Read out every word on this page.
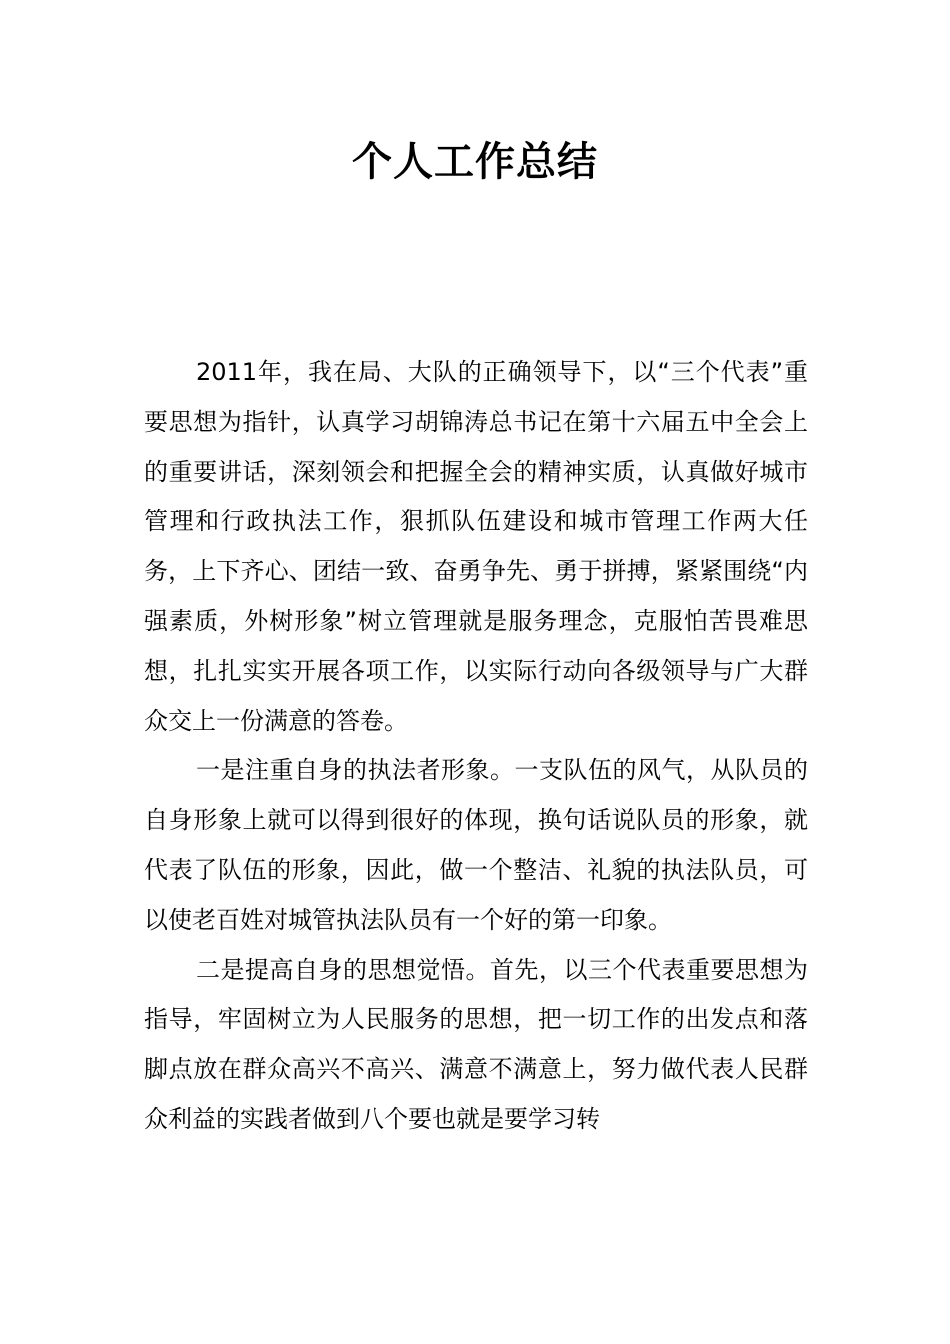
个人工作总结

2011年，我在局、大队的正确领导下，以“三个代表”重要思想为指针，认真学习胡锦涛总书记在第十六届五中全会上的重要讲话，深刻领会和把握全会的精神实质，认真做好城市管理和行政执法工作，狠抓队伍建设和城市管理工作两大任务，上下齐心、团结一致、奋勇争先、勇于拼搏，紧紧围绕“内强素质，外树形象”树立管理就是服务理念，克服怕苦畏难思想，扎扎实实开展各项工作，以实际行动向各级领导与广大群众交上一份满意的答卷。

一是注重自身的执法者形象。一支队伍的风气，从队员的自身形象上就可以得到很好的体现，换句话说队员的形象，就代表了队伍的形象，因此，做一个整洁、礼貌的执法队员，可以使老百姓对城管执法队员有一个好的第一印象。

二是提高自身的思想觉悟。首先，以三个代表重要思想为指导，牢固树立为人民服务的思想，把一切工作的出发点和落脚点放在群众高兴不高兴、满意不满意上，努力做代表人民群众利益的实践者做到八个要也就是要学习转
